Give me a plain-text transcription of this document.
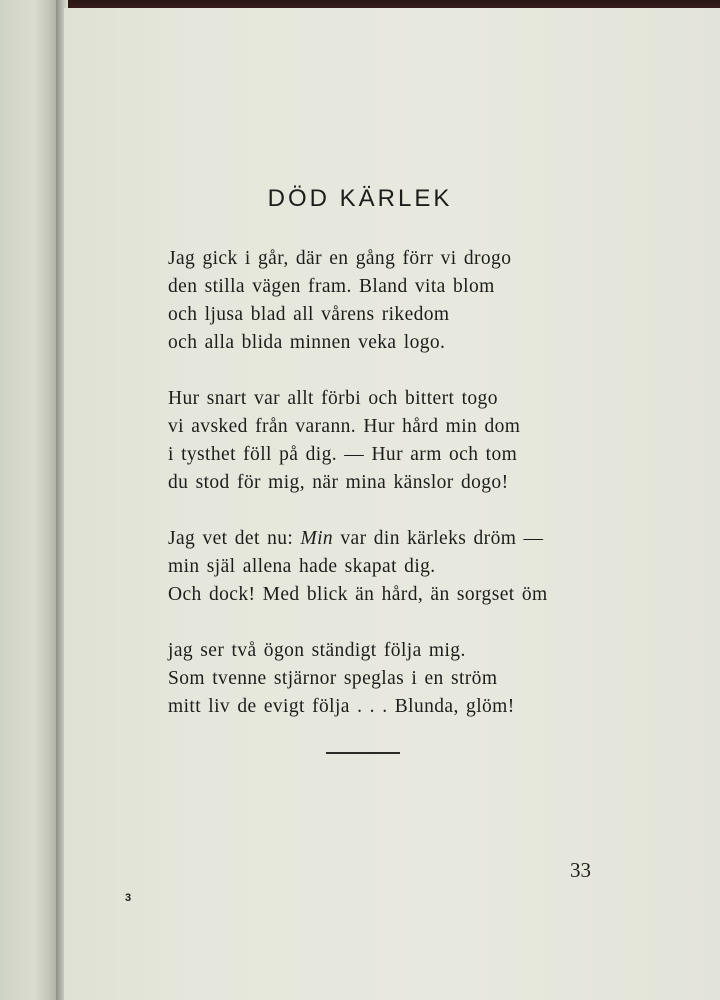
DÖD KÄRLEK
Jag gick i går, där en gång förr vi drogo
den stilla vägen fram. Bland vita blom
och ljusa blad all vårens rikedom
och alla blida minnen veka logo.
Hur snart var allt förbi och bittert togo
vi avsked från varann. Hur hård min dom
i tysthet föll på dig. — Hur arm och tom
du stod för mig, när mina känslor dogo!
Jag vet det nu: Min var din kärleks dröm —
min själ allena hade skapat dig.
Och dock! Med blick än hård, än sorgset öm
jag ser två ögon ständigt följa mig.
Som tvenne stjärnor speglas i en ström
mitt liv de evigt följa . . . Blunda, glöm!
33
3
